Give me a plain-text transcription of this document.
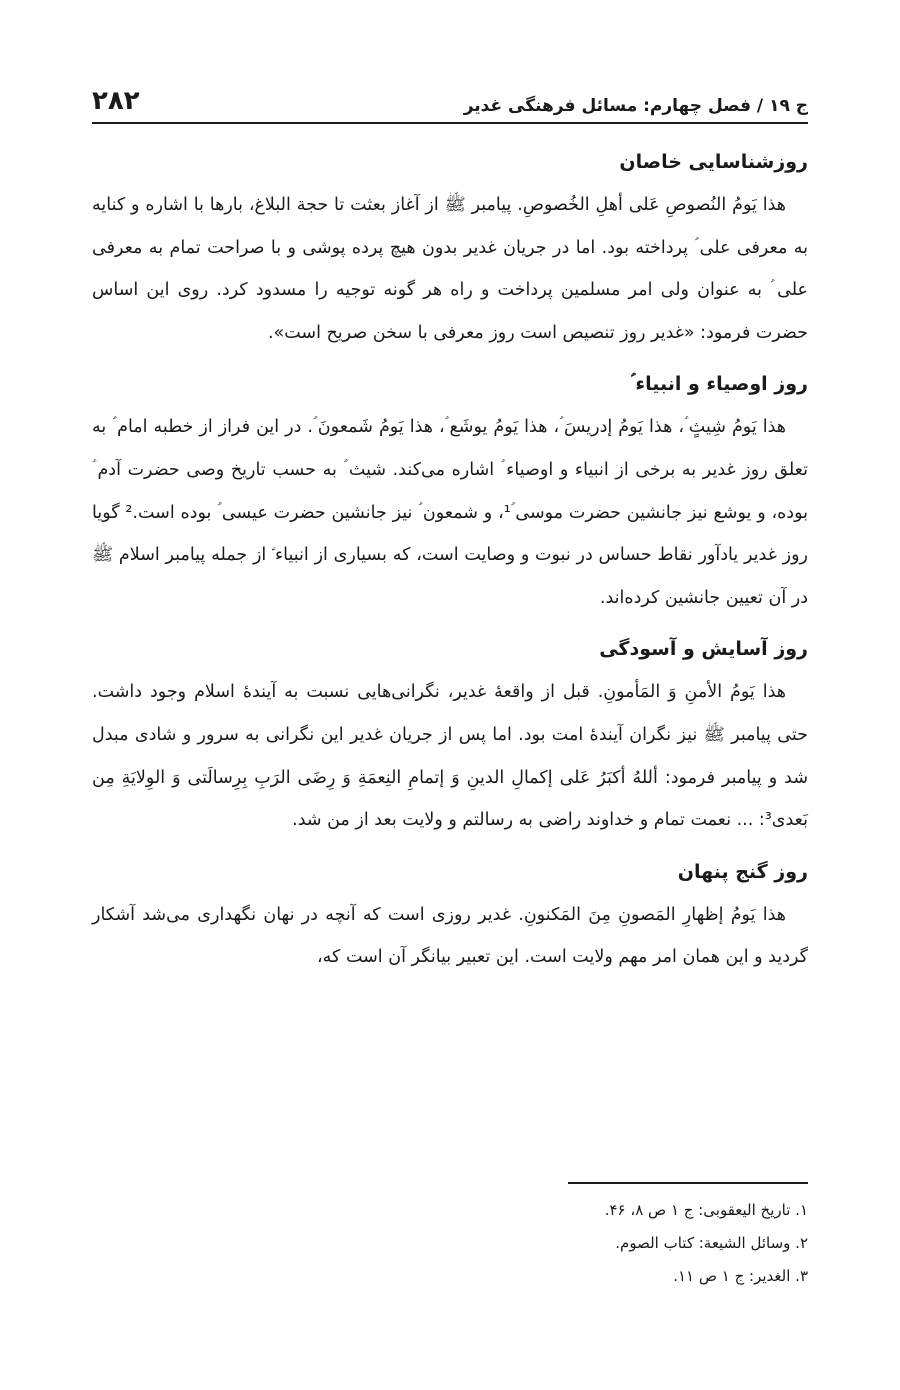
ج ۱۹ / فصل چهارم: مسائل فرهنگی غدیر
۲۸۲
روزشناسایی خاصان

هذا یَومُ النُصوصِ عَلی أهلِ الخُصوصِ. پیامبر ﷺ از آغاز بعثت تا حجة البلاغ، بارها با اشاره و کنایه به معرفی علی ؑ پرداخته بود. اما در جریان غدیر بدون هیچ پرده پوشی و با صراحت تمام به معرفی علی ؑ به عنوان ولی امر مسلمین پرداخت و راه هر گونه توجیه را مسدود کرد. روی این اساس حضرت فرمود: «غدیر روز تنصیص است روز معرفی با سخن صریح است».

روز اوصیاء و انبیاء ؑ

هذا یَومُ شِیثٍ ؑ، هذا یَومُ إدریسَ ؑ، هذا یَومُ یوشَع ؑ، هذا یَومُ شَمعونَ ؑ. در این فراز از خطبه امام ؑ به تعلق روز غدیر به برخی از انبیاء و اوصیاء ؑ اشاره می‌کند. شیث ؑ به حسب تاریخ وصی حضرت آدم ؑ بوده، و یوشع نیز جانشین حضرت موسی ؑ¹، و شمعون ؑ نیز جانشین حضرت عیسی ؑ بوده است.² گویا روز غدیر یادآور نقاط حساس در نبوت و وصایت است، که بسیاری از انبیاء ؑ از جمله پیامبر اسلام ﷺ در آن تعیین جانشین کرده‌اند.

روز آسایش و آسودگی

هذا یَومُ الأمنِ وَ المَأمونِ. قبل از واقعهٔ غدیر، نگرانی‌هایی نسبت به آیندهٔ اسلام وجود داشت. حتی پیامبر ﷺ نیز نگران آیندهٔ امت بود. اما پس از جریان غدیر این نگرانی به سرور و شادی مبدل شد و پیامبر فرمود: أللهُ أکبَرُ عَلی إکمالِ الدینِ وَ إتمامِ النِعمَةِ وَ رِضَی الرَبِ بِرِسالَتی وَ الوِلایَةِ مِن بَعدی³: ... نعمت تمام و خداوند راضی به رسالتم و ولایت بعد از من شد.

روز گنج پنهان

هذا یَومُ إظهارِ المَصونِ مِنَ المَکنونِ. غدیر روزی است که آنچه در نهان نگهداری می‌شد آشکار گردید و این همان امر مهم ولایت است. این تعبیر بیانگر آن است که،

۱. تاریخ الیعقوبی: ج ۱ ص ۸، ۴۶.
۲. وسائل الشیعة: کتاب الصوم.
۳. الغدیر: ج ۱ ص ۱۱.
